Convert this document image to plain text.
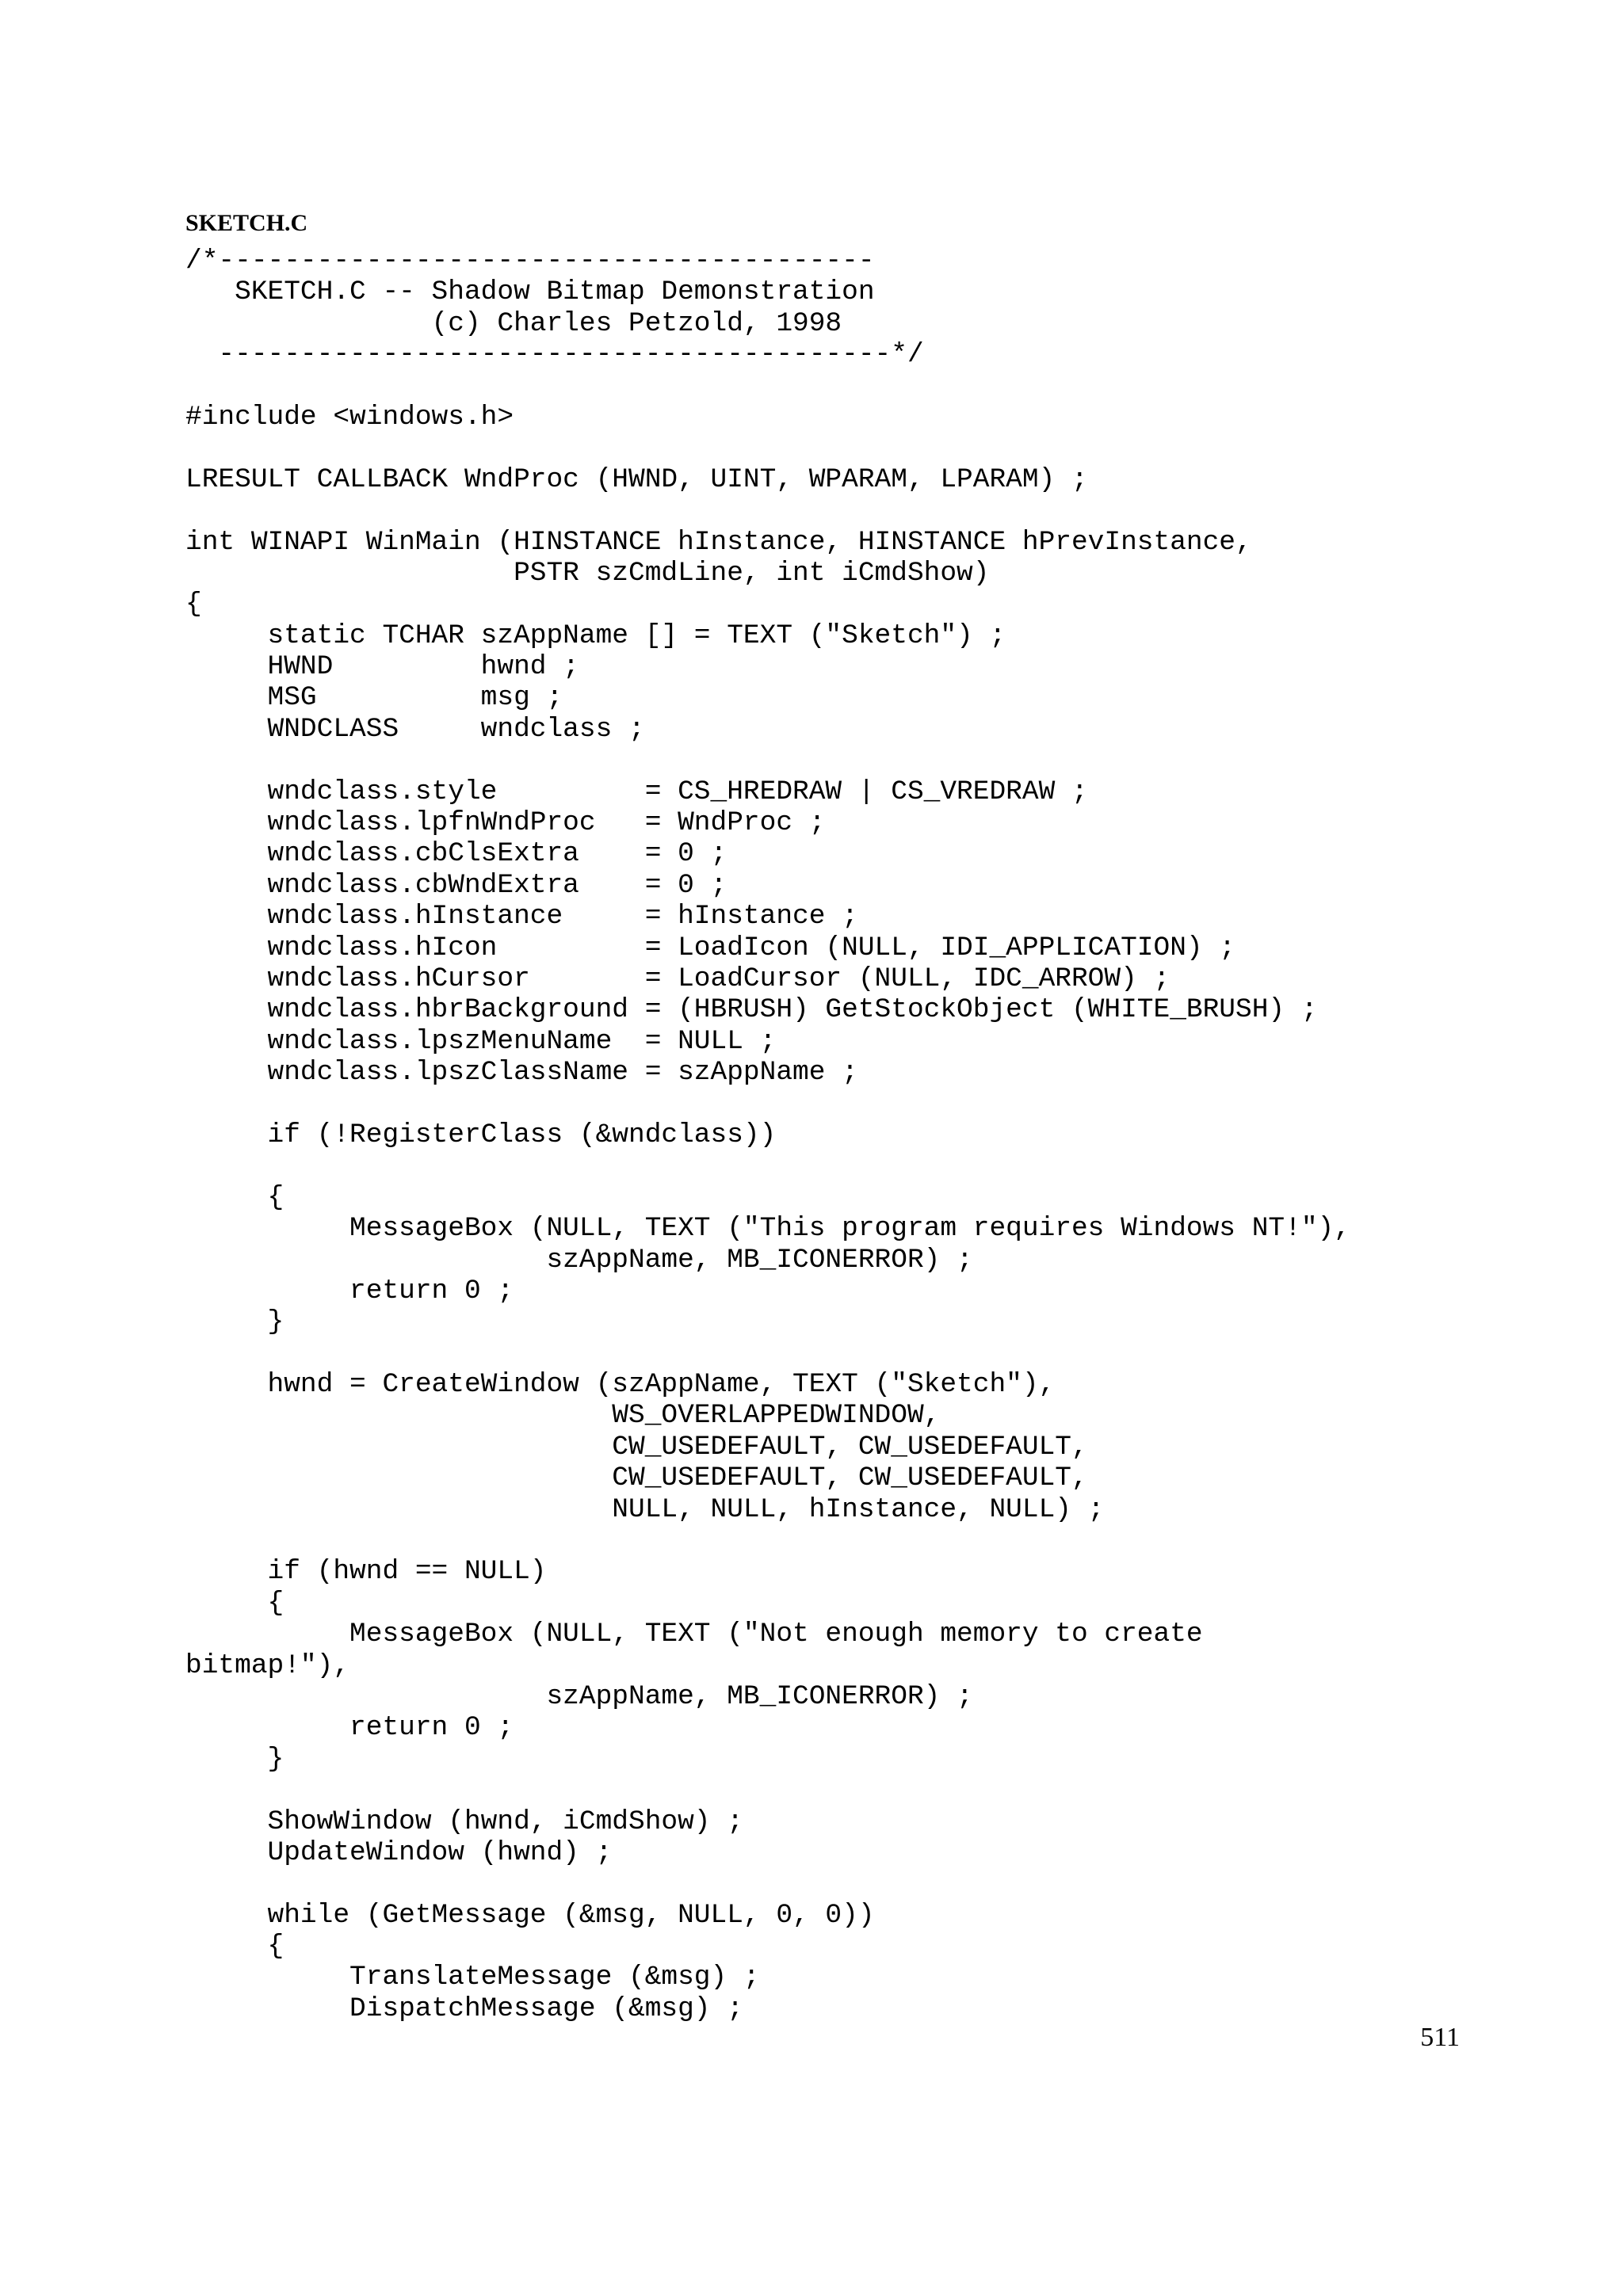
SKETCH.C
/*----------------------------------------
SKETCH.C -- Shadow Bitmap Demonstration
(c) Charles Petzold, 1998
-----------------------------------------*/
#include <windows.h>
LRESULT CALLBACK WndProc (HWND, UINT, WPARAM, LPARAM) ;
int WINAPI WinMain (HINSTANCE hInstance, HINSTANCE hPrevInstance,
PSTR szCmdLine, int iCmdShow)
{
static TCHAR szAppName [] = TEXT ("Sketch") ;
HWND         hwnd ;
MSG          msg ;
WNDCLASS     wndclass ;
wndclass.style         = CS_HREDRAW | CS_VREDRAW ;
wndclass.lpfnWndProc   = WndProc ;
wndclass.cbClsExtra    = 0 ;
wndclass.cbWndExtra    = 0 ;
wndclass.hInstance     = hInstance ;
wndclass.hIcon         = LoadIcon (NULL, IDI_APPLICATION) ;
wndclass.hCursor       = LoadCursor (NULL, IDC_ARROW) ;
wndclass.hbrBackground = (HBRUSH) GetStockObject (WHITE_BRUSH) ;
wndclass.lpszMenuName  = NULL ;
wndclass.lpszClassName = szAppName ;
if (!RegisterClass (&wndclass))
{
MessageBox (NULL, TEXT ("This program requires Windows NT!"),
szAppName, MB_ICONERROR) ;
return 0 ;
}
hwnd = CreateWindow (szAppName, TEXT ("Sketch"),
WS_OVERLAPPEDWINDOW,
CW_USEDEFAULT, CW_USEDEFAULT,
CW_USEDEFAULT, CW_USEDEFAULT,
NULL, NULL, hInstance, NULL) ;
if (hwnd == NULL)
{
MessageBox (NULL, TEXT ("Not enough memory to create
bitmap!"),
szAppName, MB_ICONERROR) ;
return 0 ;
}
ShowWindow (hwnd, iCmdShow) ;
UpdateWindow (hwnd) ;
while (GetMessage (&msg, NULL, 0, 0))
{
TranslateMessage (&msg) ;
DispatchMessage (&msg) ;
511
